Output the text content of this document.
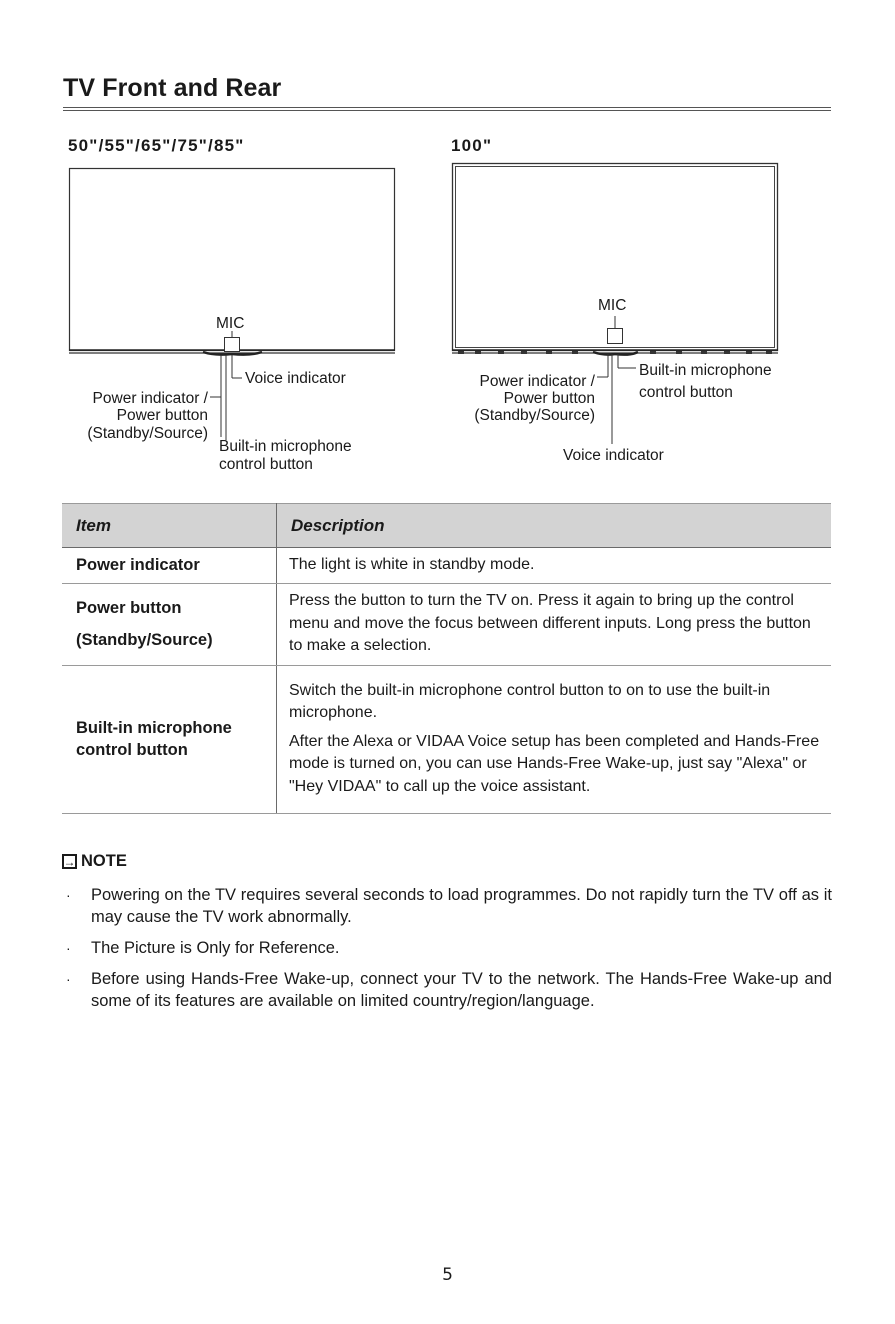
TV Front and Rear
50"/55"/65"/75"/85"
MIC
Voice indicator
Power indicator /
Power button
(Standby/Source)
Built-in microphone
control button
100"
MIC
Built-in microphone
control button
Power indicator /
Power button
(Standby/Source)
Voice indicator
Item	Description

Power indicator	The light is white in standby mode.

Power button
(Standby/Source)	Press the button to turn the TV on. Press it again to bring up the control menu and move the focus between different inputs. Long press the button to make a selection.

Built-in microphone
control button	Switch the built-in microphone control button to on to use the built-in microphone.
After the Alexa or VIDAA Voice setup has been completed and Hands-Free mode is turned on, you can use Hands-Free Wake-up, just say "Alexa" or "Hey VIDAA" to call up the voice assistant.
→ NOTE
· Powering on the TV requires several seconds to load programmes. Do not rapidly turn the TV off as it may cause the TV work abnormally.
· The Picture is Only for Reference.
· Before using Hands-Free Wake-up, connect your TV to the network. The Hands-Free Wake-up and some of its features are available on limited country/region/language.
5
